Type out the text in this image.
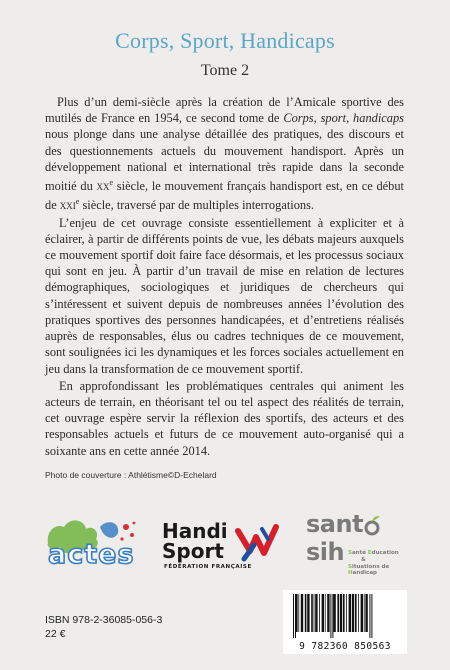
Corps, Sport, Handicaps
Tome 2

Plus d’un demi-siècle après la création de l’Amicale sportive des mutilés de France en 1954, ce second tome de Corps, sport, handicaps nous plonge dans une analyse détaillée des pratiques, des discours et des questionnements actuels du mouvement handisport. Après un développement national et international très rapide dans la seconde moitié du $xx^e$ siècle, le mouvement français handisport est, en ce début de xxi$^e$ siècle, traversé par de multiples interrogations.

L’enjeu de cet ouvrage consiste essentiellement à expliciter et à éclairer, à partir de différents points de vue, les débats majeurs auxquels ce mouvement sportif doit faire face désormais, et les processus sociaux qui sont en jeu. À partir d’un travail de mise en relation de lectures démographiques, sociologiques et juridiques de chercheurs qui s’intéressent et suivent depuis de nombreuses années l’évolution des pratiques sportives des personnes handicapées, et d’entretiens réalisés auprès de responsables, élus ou cadres techniques de ce mouvement, sont soulignées ici les dynamiques et les forces sociales actuellement en jeu dans la transformation de ce mouvement sportif.

En approfondissant les problématiques centrales qui animent les acteurs de terrain, en théorisant tel ou tel aspect des réalités de terrain, cet ouvrage espère servir la réflexion des sportifs, des acteurs et des responsables actuels et futurs de ce mouvement auto-organisé qui a soixante ans en cette année 2014.

Photo de couverture : Athlétisme©D-Echelard
actes
Handi
Sport
FÉDÉRATION FRANÇAISE
sant
sih Santé Education
&
Situations de Handicap
ISBN 978-2-36085-056-3
22 €
9 782360 850563
